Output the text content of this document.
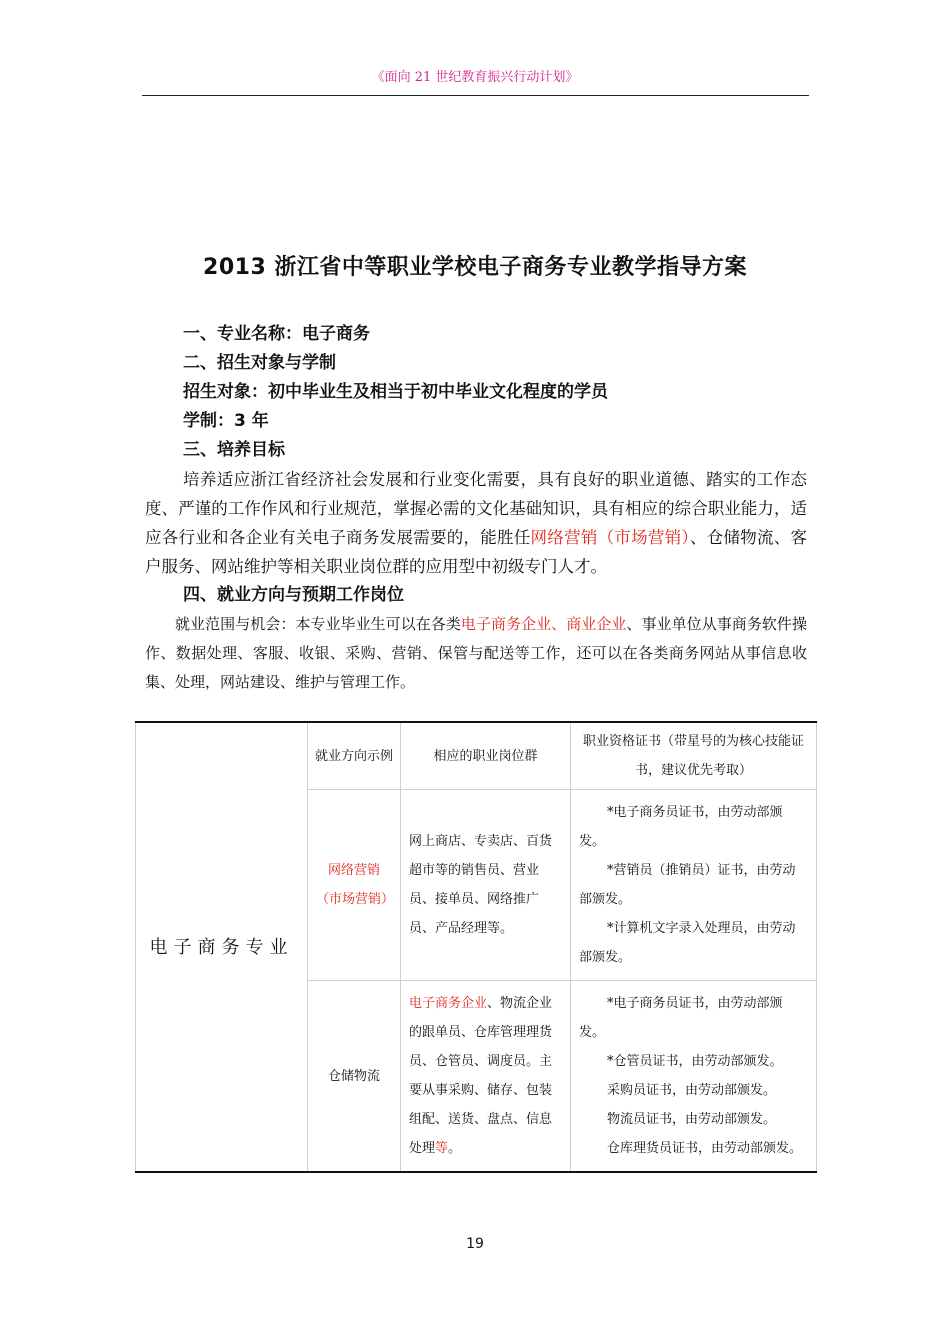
《面向 21 世纪教育振兴行动计划》
2013 浙江省中等职业学校电子商务专业教学指导方案
一、专业名称：电子商务
二、招生对象与学制
招生对象：初中毕业生及相当于初中毕业文化程度的学员
学制：3 年
三、培养目标

培养适应浙江省经济社会发展和行业变化需要，具有良好的职业道德、踏实的工作态度、严谨的工作作风和行业规范，掌握必需的文化基础知识，具有相应的综合职业能力，适应各行业和各企业有关电子商务发展需要的，能胜任网络营销（市场营销）、仓储物流、客户服务、网站维护等相关职业岗位群的应用型中初级专门人才。

四、就业方向与预期工作岗位

就业范围与机会：本专业毕业生可以在各类电子商务企业、商业企业、事业单位从事商务软件操作、数据处理、客服、收银、采购、营销、保管与配送等工作，还可以在各类商务网站从事信息收集、处理，网站建设、维护与管理工作。

电子商务专业	就业方向示例	相应的职业岗位群	职业资格证书（带星号的为核心技能证书，建议优先考取）
	网络营销（市场营销）	网上商店、专卖店、百货超市等的销售员、营业员、接单员、网络推广员、产品经理等。	*电子商务员证书，由劳动部颁发。

*营销员（推销员）证书，由劳动部颁发。

*计算机文字录入处理员，由劳动部颁发。

	仓储物流	电子商务企业、物流企业的跟单员、仓库管理理货员、仓管员、调度员。主要从事采购、储存、包装组配、送货、盘点、信息处理等。	*电子商务员证书，由劳动部颁发。

*仓管员证书，由劳动部颁发。

采购员证书，由劳动部颁发。

物流员证书，由劳动部颁发。

仓库理货员证书，由劳动部颁发。

19
